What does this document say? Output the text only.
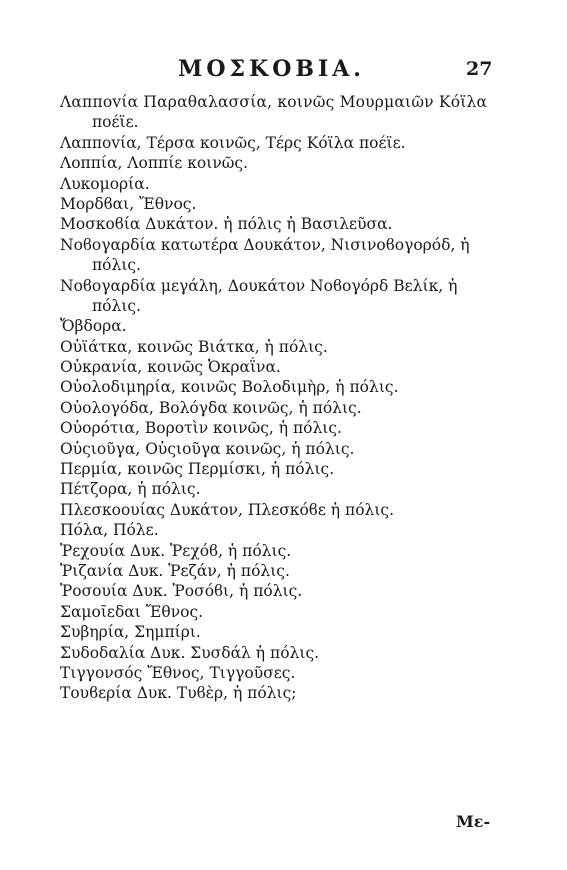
ΜΟΣΚΟΒΙΑ.	27
Λαπποvία Παραθαλασσία, κοινῶς Μουρμαιῶν Κόϊλα
ποέϊε.
Λαπποvία, Τέρσα κοινῶς, Τέρς Κόϊλα ποέϊε.
Λοππία, Λοππίε κοινῶς.
Λυκομορία.
Μορδϐαι, Ἔθνος.
Μοσκοϐία Δυκάτον. ἡ πόλις ἡ Βασιλεῦσα.
Νοϐογαρδία κατωτέρα Δουκάτον, Νισινοϐογορόδ, ἡ
πόλις.
Νοϐογαρδία μεγάλη, Δουκάτον Νοϐογόρδ Βελίκ, ἡ
πόλις.
Ὄβδορα.
Οὐϊάτκα, κοινῶς Βιάτκα, ἡ πόλις.
Οὐκρανία, κοινῶς Ὀκραΐνα.
Οὐολοδιμηρία, κοινῶς Βολοδιμὴρ, ἡ πόλις.
Οὐολογόδα, Βολόγδα κοινῶς, ἡ πόλις.
Οὐορότια, Βοροτὶν κοινῶς, ἡ πόλις.
Οὐςιοῦγα, Οὐςιοῦγα κοινῶς, ἡ πόλις.
Περμία, κοινῶς Περμίσκι, ἡ πόλις.
Πέτζορα, ἡ πόλις.
Πλεσκοουίας Δυκάτον, Πλεσκόϐε ἡ πόλις.
Πόλα, Πόλε.
Ῥεχουία Δυκ. Ῥεχόϐ, ἡ πόλις.
Ῥιζανία Δυκ. Ῥεζάν, ἡ πόλις.
Ῥοσουία Δυκ. Ῥοσόϐι, ἡ πόλις.
Σαμοῖεδαι Ἔθνος.
Συβηρία, Σημπίρι.
Συδοδαλία Δυκ. Συσδάλ ἡ πόλις.
Τιγγονσός Ἔθνος, Τιγγοῦσες.
Τουϐερία Δυκ. Τυϐὲρ, ἡ πόλις;
Με-
